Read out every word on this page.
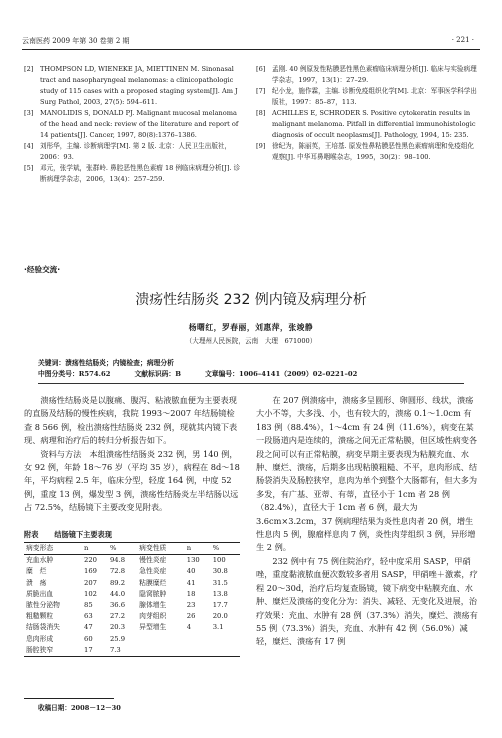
云南医药 2009 年第 30 卷第 2 期	· 221 ·
[2]	THOMPSON LD, WIENEKE JA, MIETTINEN M. Sinonasal tract and nasopharyngeal melanomas: a clinicopathologic study of 115 cases with a proposed staging system[J]. Am J Surg Pathol, 2003, 27(5): 594–611.
[3]	MANOLIDIS S, DONALD PJ. Malignant mucosal melanoma of the head and neck: review of the literature and report of 14 patients[J]. Cancer, 1997, 80(8):1376–1386.
[4]	刘彤华，主编. 诊断病理学[M]. 第 2 版. 北京：人民卫生出版社，2006：93.
[5]	邓元，张学斌，张群岭. 鼻腔恶性黑色素瘤 18 例临床病理分析[J]. 诊断病理学杂志，2006，13(4)：257–259.
[6]	孟刚. 40 例原发性粘膜恶性黑色素瘤临床病理分析[J]. 临床与实验病理学杂志，1997，13(1)：27–29.
[7]	纪小龙，施作霖，主编. 诊断免疫组织化学[M]. 北京：军事医学科学出版社，1997：85–87，113.
[8]	ACHILLES E, SCHRODER S. Positive cytokeratin results in malignant melanoma. Pitfall in differential immunohistologic diagnosis of occult neoplasms[J]. Pathology, 1994, 15: 235.
[9]	徐纪为，陈丽英，王培基. 原发性鼻粘膜恶性黑色素瘤病理和免疫组化观察[J]. 中华耳鼻咽喉杂志，1995，30(2)：98–100.
·经验交流·
溃疡性结肠炎 232 例内镜及病理分析
杨曙红，罗春丽，刘惠萍，张竣静
（大理州人民医院，云南　大理　671000）
关键词：溃疡性结肠炎；内镜检查；病理分析
中图分类号：R574.62	文献标识码：B	文章编号：1006–4141（2009）02–0221–02

溃疡性结肠炎是以腹痛、腹泻、粘液脓血便为主要表现的直肠及结肠的慢性疾病，我院 1993～2007 年结肠镜检查 8 566 例，检出溃疡性结肠炎 232 例，现就其内镜下表现、病理和治疗后的转归分析报告如下。

资料与方法　本组溃疡性结肠炎 232 例，男 140 例，女 92 例，年龄 18～76 岁（平均 35 岁），病程在 8d～18 年，平均病程 2.5 年，临床分型，轻度 164 例，中度 52 例，重度 13 例，爆发型 3 例，溃疡性结肠炎左半结肠以远占 72.5%，结肠镜下主要改变见附表。

附表 结肠镜下主要表现
病变形态	n	%	病变性质	n	%
充血水肿	220	94.8	慢性炎症	130	100
糜　烂	169	72.8	急性炎症	40	30.8
溃　疡	207	89.2	粘膜糜烂	41	31.5
质脆出血	102	44.0	隐窝脓肿	18	13.8
脓性分泌物	85	36.6	腺体增生	23	17.7
粗糙颗粒	63	27.2	肉芽组织	26	20.0
结肠袋消失	47	20.3	异型增生	4	3.1
息肉形成	60	25.9			
肠腔狭窄	17	7.3			

在 207 例溃疡中，溃疡多呈圆形、卵圆形、线状，溃疡大小不等，大多浅、小，也有较大的，溃疡 0.1～1.0cm 有 183 例（88.4%），1～4cm 有 24 例（11.6%），病变在某一段肠道内是连续的，溃疡之间无正常粘膜，但区域性病变各段之间可以有正常粘膜，病变早期主要表现为粘膜充血、水肿、糜烂、溃疡，后期多出现粘膜粗糙、不平，息肉形成、结肠袋消失及肠腔狭窄，息肉为单个到整个大肠都有，但大多为多发，有广基、亚蒂、有蒂，直径小于 1cm 者 28 例（82.4%），直径大于 1cm 者 6 例，最大为 3.6cm×3.2cm，37 例病理结果为炎性息肉者 20 例，增生性息肉 5 例，腺瘤样息肉 7 例，炎性肉芽组织 3 例，异形增生 2 例。

232 例中有 75 例住院治疗，轻中度采用 SASP，甲硝唑，重度黏液脓血便次数较多者用 SASP，甲硝唑＋激素，疗程 20～30d，治疗后均复查肠镜，镜下病变中粘膜充血、水肿、糜烂及溃疡的变化分为：消失、减轻、无变化及进展，治疗效果：充血、水肿有 28 例（37.3%）消失，糜烂、溃疡有 55 例（73.3%）消失，充血、水肿有 42 例（56.0%）减轻，糜烂、溃疡有 17 例

收稿日期：2008－12－30
